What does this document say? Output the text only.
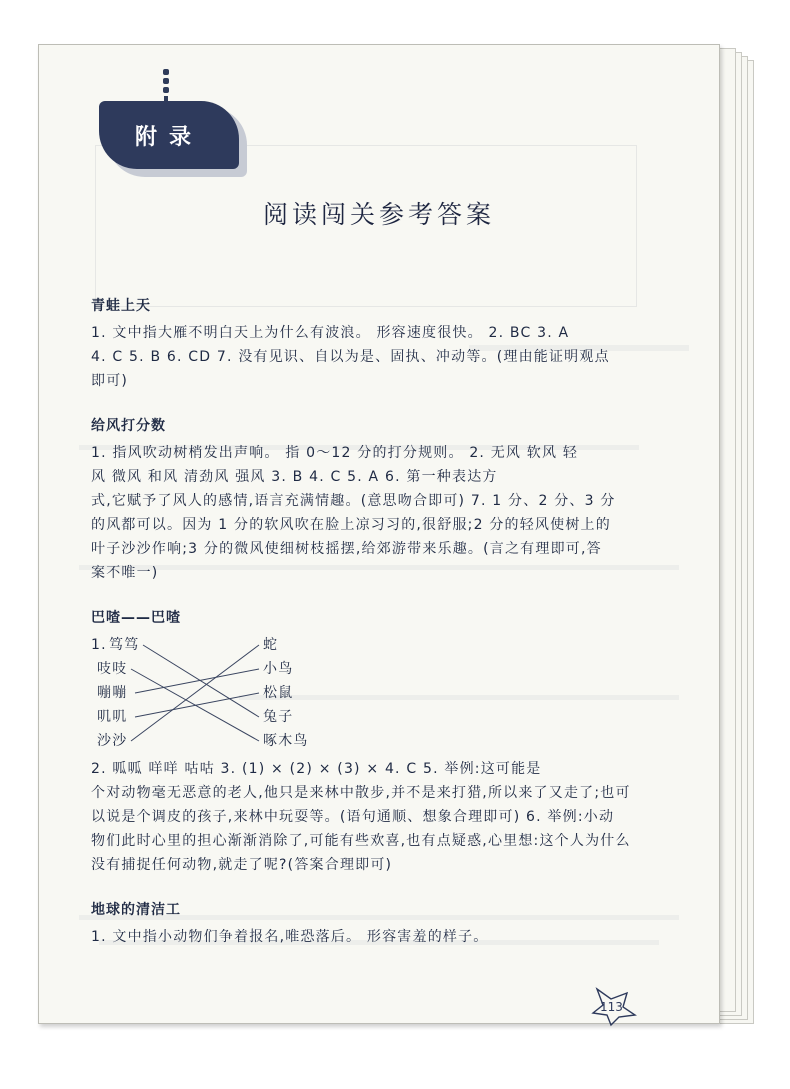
附录
阅读闯关参考答案
青蛙上天

1. 文中指大雁不明白天上为什么有波浪。 形容速度很快。 2. BC 3. A

4. C 5. B 6. CD 7. 没有见识、自以为是、固执、冲动等。(理由能证明观点

即可)

给风打分数

1. 指风吹动树梢发出声响。 指 0～12 分的打分规则。 2. 无风 软风 轻

风 微风 和风 清劲风 强风 3. B 4. C 5. A 6. 第一种表达方

式,它赋予了风人的感情,语言充满情趣。(意思吻合即可) 7. 1 分、2 分、3 分

的风都可以。因为 1 分的软风吹在脸上凉习习的,很舒服;2 分的轻风使树上的

叶子沙沙作响;3 分的微风使细树枝摇摆,给郊游带来乐趣。(言之有理即可,答

案不唯一)

巴喳——巴喳
1. 笃笃
吱吱
嘣嘣
叽叽
沙沙
蛇
小鸟
松鼠
兔子
啄木鸟

2. 呱呱 咩咩 咕咕 3. (1) × (2) × (3) × 4. C 5. 举例:这可能是

个对动物毫无恶意的老人,他只是来林中散步,并不是来打猎,所以来了又走了;也可

以说是个调皮的孩子,来林中玩耍等。(语句通顺、想象合理即可) 6. 举例:小动

物们此时心里的担心渐渐消除了,可能有些欢喜,也有点疑惑,心里想:这个人为什么

没有捕捉任何动物,就走了呢?(答案合理即可)

地球的清洁工

1. 文中指小动物们争着报名,唯恐落后。 形容害羞的样子。

113
